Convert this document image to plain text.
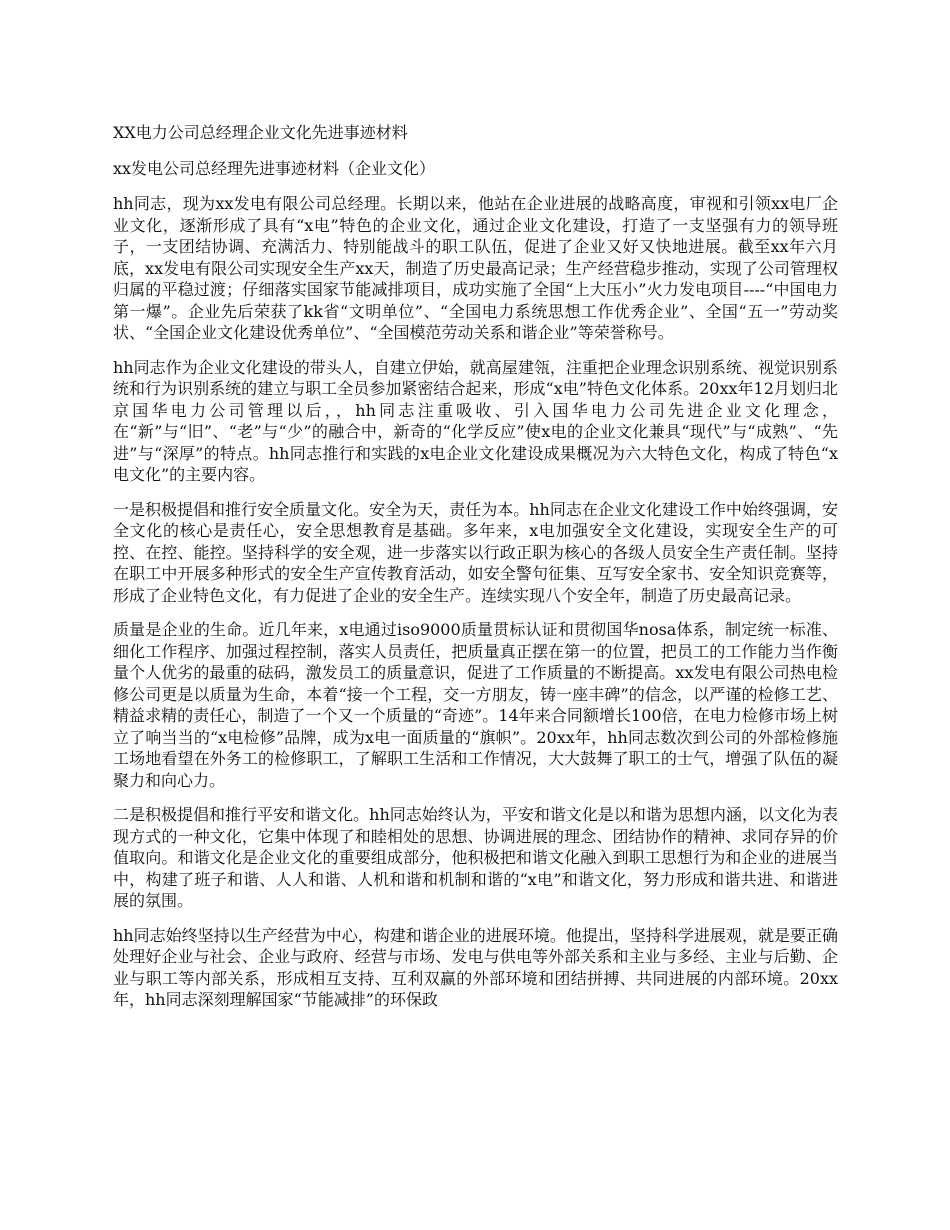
XX电力公司总经理企业文化先进事迹材料

xx发电公司总经理先进事迹材料（企业文化）

hh同志，现为xx发电有限公司总经理。长期以来，他站在企业进展的战略高度，审视和引领xx电厂企业文化，逐渐形成了具有“x电”特色的企业文化，通过企业文化建设，打造了一支坚强有力的领导班子，一支团结协调、充满活力、特别能战斗的职工队伍，促进了企业又好又快地进展。截至xx年六月底，xx发电有限公司实现安全生产xx天，制造了历史最高记录；生产经营稳步推动，实现了公司管理权归属的平稳过渡；仔细落实国家节能减排项目，成功实施了全国“上大压小”火力发电项目----“中国电力第一爆”。企业先后荣获了kk省“文明单位”、“全国电力系统思想工作优秀企业”、全国“五一”劳动奖状、“全国企业文化建设优秀单位”、“全国模范劳动关系和谐企业”等荣誉称号。

hh同志作为企业文化建设的带头人，自建立伊始，就高屋建瓴，注重把企业理念识别系统、视觉识别系统和行为识别系统的建立与职工全员参加紧密结合起来，形成“x电”特色文化体系。20xx年12月划归北京国华电力公司管理以后，，hh同志注重吸收、引入国华电力公司先进企业文化理念，在“新”与“旧”、“老”与“少”的融合中，新奇的“化学反应”使x电的企业文化兼具“现代”与“成熟”、“先进”与“深厚”的特点。hh同志推行和实践的x电企业文化建设成果概况为六大特色文化，构成了特色“x电文化”的主要内容。

一是积极提倡和推行安全质量文化。安全为天，责任为本。hh同志在企业文化建设工作中始终强调，安全文化的核心是责任心，安全思想教育是基础。多年来，x电加强安全文化建设，实现安全生产的可控、在控、能控。坚持科学的安全观，进一步落实以行政正职为核心的各级人员安全生产责任制。坚持在职工中开展多种形式的安全生产宣传教育活动，如安全警句征集、互写安全家书、安全知识竞赛等，形成了企业特色文化，有力促进了企业的安全生产。连续实现八个安全年，制造了历史最高记录。

质量是企业的生命。近几年来，x电通过iso9000质量贯标认证和贯彻国华nosa体系，制定统一标准、细化工作程序、加强过程控制，落实人员责任，把质量真正摆在第一的位置，把员工的工作能力当作衡量个人优劣的最重的砝码，激发员工的质量意识，促进了工作质量的不断提高。xx发电有限公司热电检修公司更是以质量为生命，本着“接一个工程，交一方朋友，铸一座丰碑”的信念，以严谨的检修工艺、精益求精的责任心，制造了一个又一个质量的“奇迹”。14年来合同额增长100倍，在电力检修市场上树立了响当当的“x电检修”品牌，成为x电一面质量的“旗帜”。20xx年，hh同志数次到公司的外部检修施工场地看望在外务工的检修职工，了解职工生活和工作情况，大大鼓舞了职工的士气，增强了队伍的凝聚力和向心力。

二是积极提倡和推行平安和谐文化。hh同志始终认为，平安和谐文化是以和谐为思想内涵，以文化为表现方式的一种文化，它集中体现了和睦相处的思想、协调进展的理念、团结协作的精神、求同存异的价值取向。和谐文化是企业文化的重要组成部分，他积极把和谐文化融入到职工思想行为和企业的进展当中，构建了班子和谐、人人和谐、人机和谐和机制和谐的“x电”和谐文化，努力形成和谐共进、和谐进展的氛围。

hh同志始终坚持以生产经营为中心，构建和谐企业的进展环境。他提出，坚持科学进展观，就是要正确处理好企业与社会、企业与政府、经营与市场、发电与供电等外部关系和主业与多经、主业与后勤、企业与职工等内部关系，形成相互支持、互利双赢的外部环境和团结拼搏、共同进展的内部环境。20xx年，hh同志深刻理解国家“节能减排”的环保政
